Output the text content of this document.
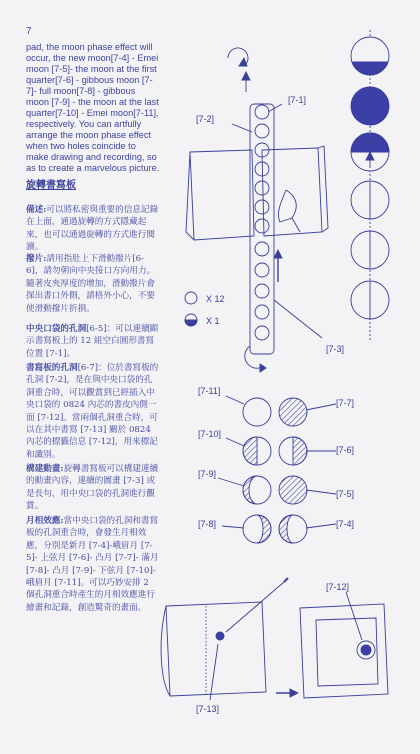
7
pad, the moon phase effect will occur, the new moon[7-4] - Emei moon [7-5]- the moon at the first quarter[7-6] - gibbous moon [7-7]- full moon[7-8] - gibbous moon [7-9] - the moon at the last quarter[7-10] - Emei moon[7-11], respectively. You can artfully arrange the moon phase effect when two holes coincide to make drawing and recording, so as to create a marvelous picture.
旋轉書寫板
備述:可以將私密與重要的信息記錄在上面，通過旋轉的方式隱藏起來，也可以通過旋轉的方式進行閱讀。
撥片:請用指肚上下滑動撥片[6-6]，請勿朝向中央接口方向用力。隨著皮夾厚度的增加，滑動撥片會探出書口外側，請格外小心，不要使滑動撥片折損。
中央口袋的孔洞[6-5]：可以連續顯示書寫板上的 12 組空白圓形書寫位置 [7-1]。
書寫板的孔洞[6-7]：位於書寫板的孔洞 [7-2]，是在與中央口袋的孔洞重合時，可以觀賞到已經插入中央口袋的 0824 內芯的書皮內側一面 [7-12]。當兩個孔洞重合時，可以在其中書寫 [7-13] 關於 0824 內芯的標籤信息 [7-12]，用來標記和識別。
構建動畫:旋轉書寫板可以構建連續的動畫內容，連續的圖畫 [7-3] 或是長句，用中央口袋的孔洞進行觀賞。
月相效應:當中央口袋的孔洞和書寫板的孔洞重合時，會發生月相效應，分別是新月 [7-4]-峨眉月 [7-5]- 上弦月 [7-6]- 凸月 [7-7]- 滿月 [7-8]- 凸月 [7-9]- 下弦月 [7-10]- 峨眉月 [7-11]。可以巧妙安排 2 個孔洞重合時產生的月相效應進行繪畫和記錄，創造驚奇的畫面。
[7-1]
[7-2]
[7-3]
X 12
X 1
[7-11]
[7-10]
[7-9]
[7-8]
[7-7]
[7-6]
[7-5]
[7-4]
[7-12]
[7-13]
